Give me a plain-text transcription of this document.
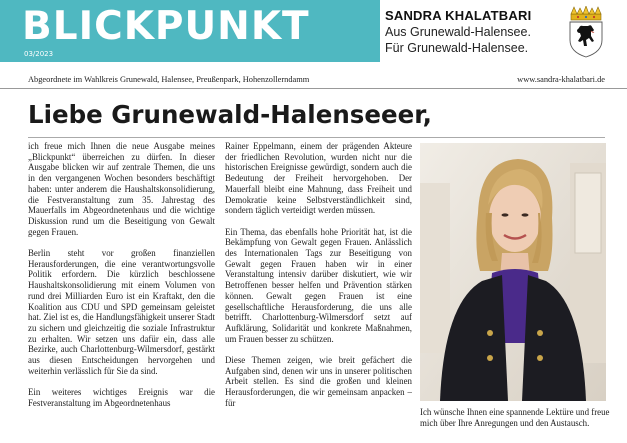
BLICKPUNKT
03/2023
SANDRA KHALATBARI
Aus Grunewald-Halensee.
Für Grunewald-Halensee.
Abgeordnete im Wahlkreis Grunewald, Halensee, Preußenpark, Hohenzollerndamm	www.sandra-khalatbari.de
Liebe Grunewald-Halenseeer,

ich freue mich Ihnen die neue Ausgabe meines „Blickpunkt“ überreichen zu dürfen. In dieser Ausgabe blicken wir auf zentrale Themen, die uns in den vergangenen Wochen besonders beschäftigt haben: unter anderem die Haushaltskonsolidierung, die Festveranstaltung zum 35. Jahrestag des Mauerfalls im Abgeordnetenhaus und die wichtige Diskussion rund um die Beseitigung von Gewalt gegen Frauen.

Berlin steht vor großen finanziellen Herausforderungen, die eine verantwortungsvolle Politik erfordern. Die kürzlich beschlossene Haushaltskonsolidierung mit einem Volumen von rund drei Milliarden Euro ist ein Kraftakt, den die Koalition aus CDU und SPD gemeinsam geleistet hat. Ziel ist es, die Handlungsfähigkeit unserer Stadt zu sichern und gleichzeitig die soziale Infrastruktur zu erhalten. Wir setzen uns dafür ein, dass alle Bezirke, auch Charlottenburg-Wilmersdorf, gestärkt aus diesen Entscheidungen hervorgehen und weiterhin verlässlich für Sie da sind.

Ein weiteres wichtiges Ereignis war die Festveranstaltung im Abgeordnetenhaus

Rainer Eppelmann, einem der prägenden Akteure der friedlichen Revolution, wurden nicht nur die historischen Ereignisse gewürdigt, sondern auch die Bedeutung der Freiheit hervorgehoben. Der Mauerfall bleibt eine Mahnung, dass Freiheit und Demokratie keine Selbstverständlichkeit sind, sondern täglich verteidigt werden müssen.

Ein Thema, das ebenfalls hohe Priorität hat, ist die Bekämpfung von Gewalt gegen Frauen. Anlässlich des Internationalen Tags zur Beseitigung von Gewalt gegen Frauen haben wir in einer Veranstaltung intensiv darüber diskutiert, wie wir Betroffenen besser helfen und Prävention stärken können. Gewalt gegen Frauen ist eine gesellschaftliche Herausforderung, die uns alle betrifft. Charlottenburg-Wilmersdorf setzt auf Aufklärung, Solidarität und konkrete Maßnahmen, um Frauen besser zu schützen.

Diese Themen zeigen, wie breit gefächert die Aufgaben sind, denen wir uns in unserer politischen Arbeit stellen. Es sind die großen und kleinen Herausforderungen, die wir gemeinsam anpacken – für

Ich wünsche Ihnen eine spannende Lektüre und freue mich über Ihre Anregungen und den Austausch.
